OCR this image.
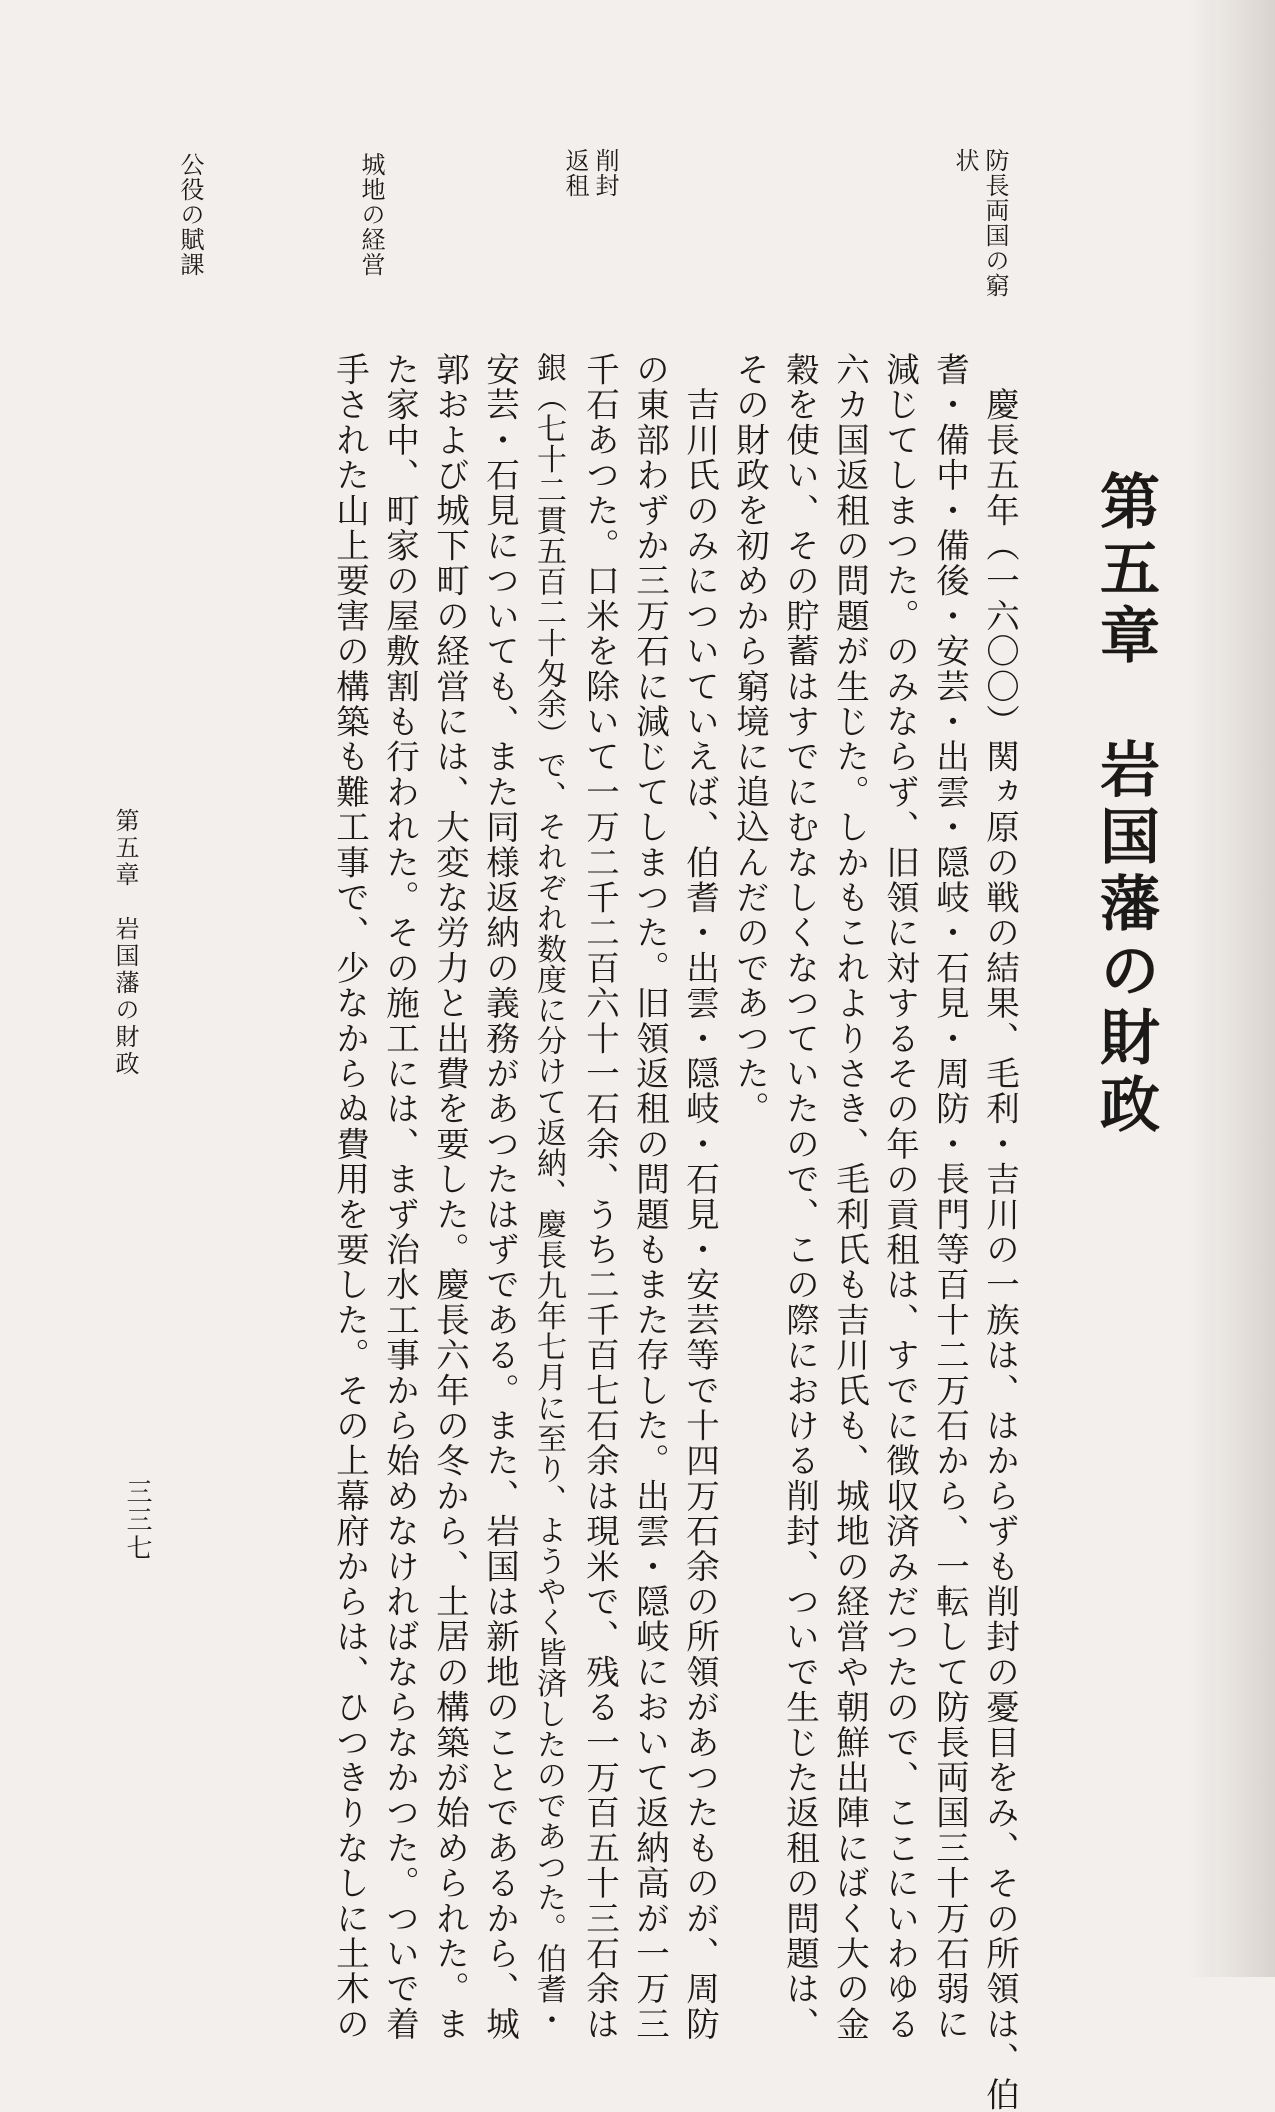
第五章　岩国藩の財政
　慶長五年（一六〇〇）関ヵ原の戦の結果、毛利・吉川の一族は、はからずも削封の憂目をみ、その所領は、伯
耆・備中・備後・安芸・出雲・隠岐・石見・周防・長門等百十二万石から、一転して防長両国三十万石弱に
減じてしまつた。のみならず、旧領に対するその年の貢租は、すでに徴収済みだつたので、ここにいわゆる
六カ国返租の問題が生じた。しかもこれよりさき、毛利氏も吉川氏も、城地の経営や朝鮮出陣にばく大の金
穀を使い、その貯蓄はすでにむなしくなつていたので、この際における削封、ついで生じた返租の問題は、
その財政を初めから窮境に追込んだのであつた。
　吉川氏のみについていえば、伯耆・出雲・隠岐・石見・安芸等で十四万石余の所領があつたものが、周防
の東部わずか三万石に減じてしまつた。旧領返租の問題もまた存した。出雲・隠岐において返納高が一万三
千石あつた。口米を除いて一万二千二百六十一石余、うち二千百七石余は現米で、残る一万百五十三石余は
銀（七十二貫五百二十匁余）で、それぞれ数度に分けて返納、慶長九年七月に至り、ようやく皆済したのであつた。伯耆・
安芸・石見についても、また同様返納の義務があつたはずである。また、岩国は新地のことであるから、城
郭および城下町の経営には、大変な労力と出費を要した。慶長六年の冬から、土居の構築が始められた。ま
た家中、町家の屋敷割も行われた。その施工には、まず治水工事から始めなければならなかつた。ついで着
手された山上要害の構築も難工事で、少なからぬ費用を要した。その上幕府からは、ひつきりなしに土木の
防長両国の窮状
削封返租
城地の経営
公役の賦課
第五章　岩国藩の財政
三三七
